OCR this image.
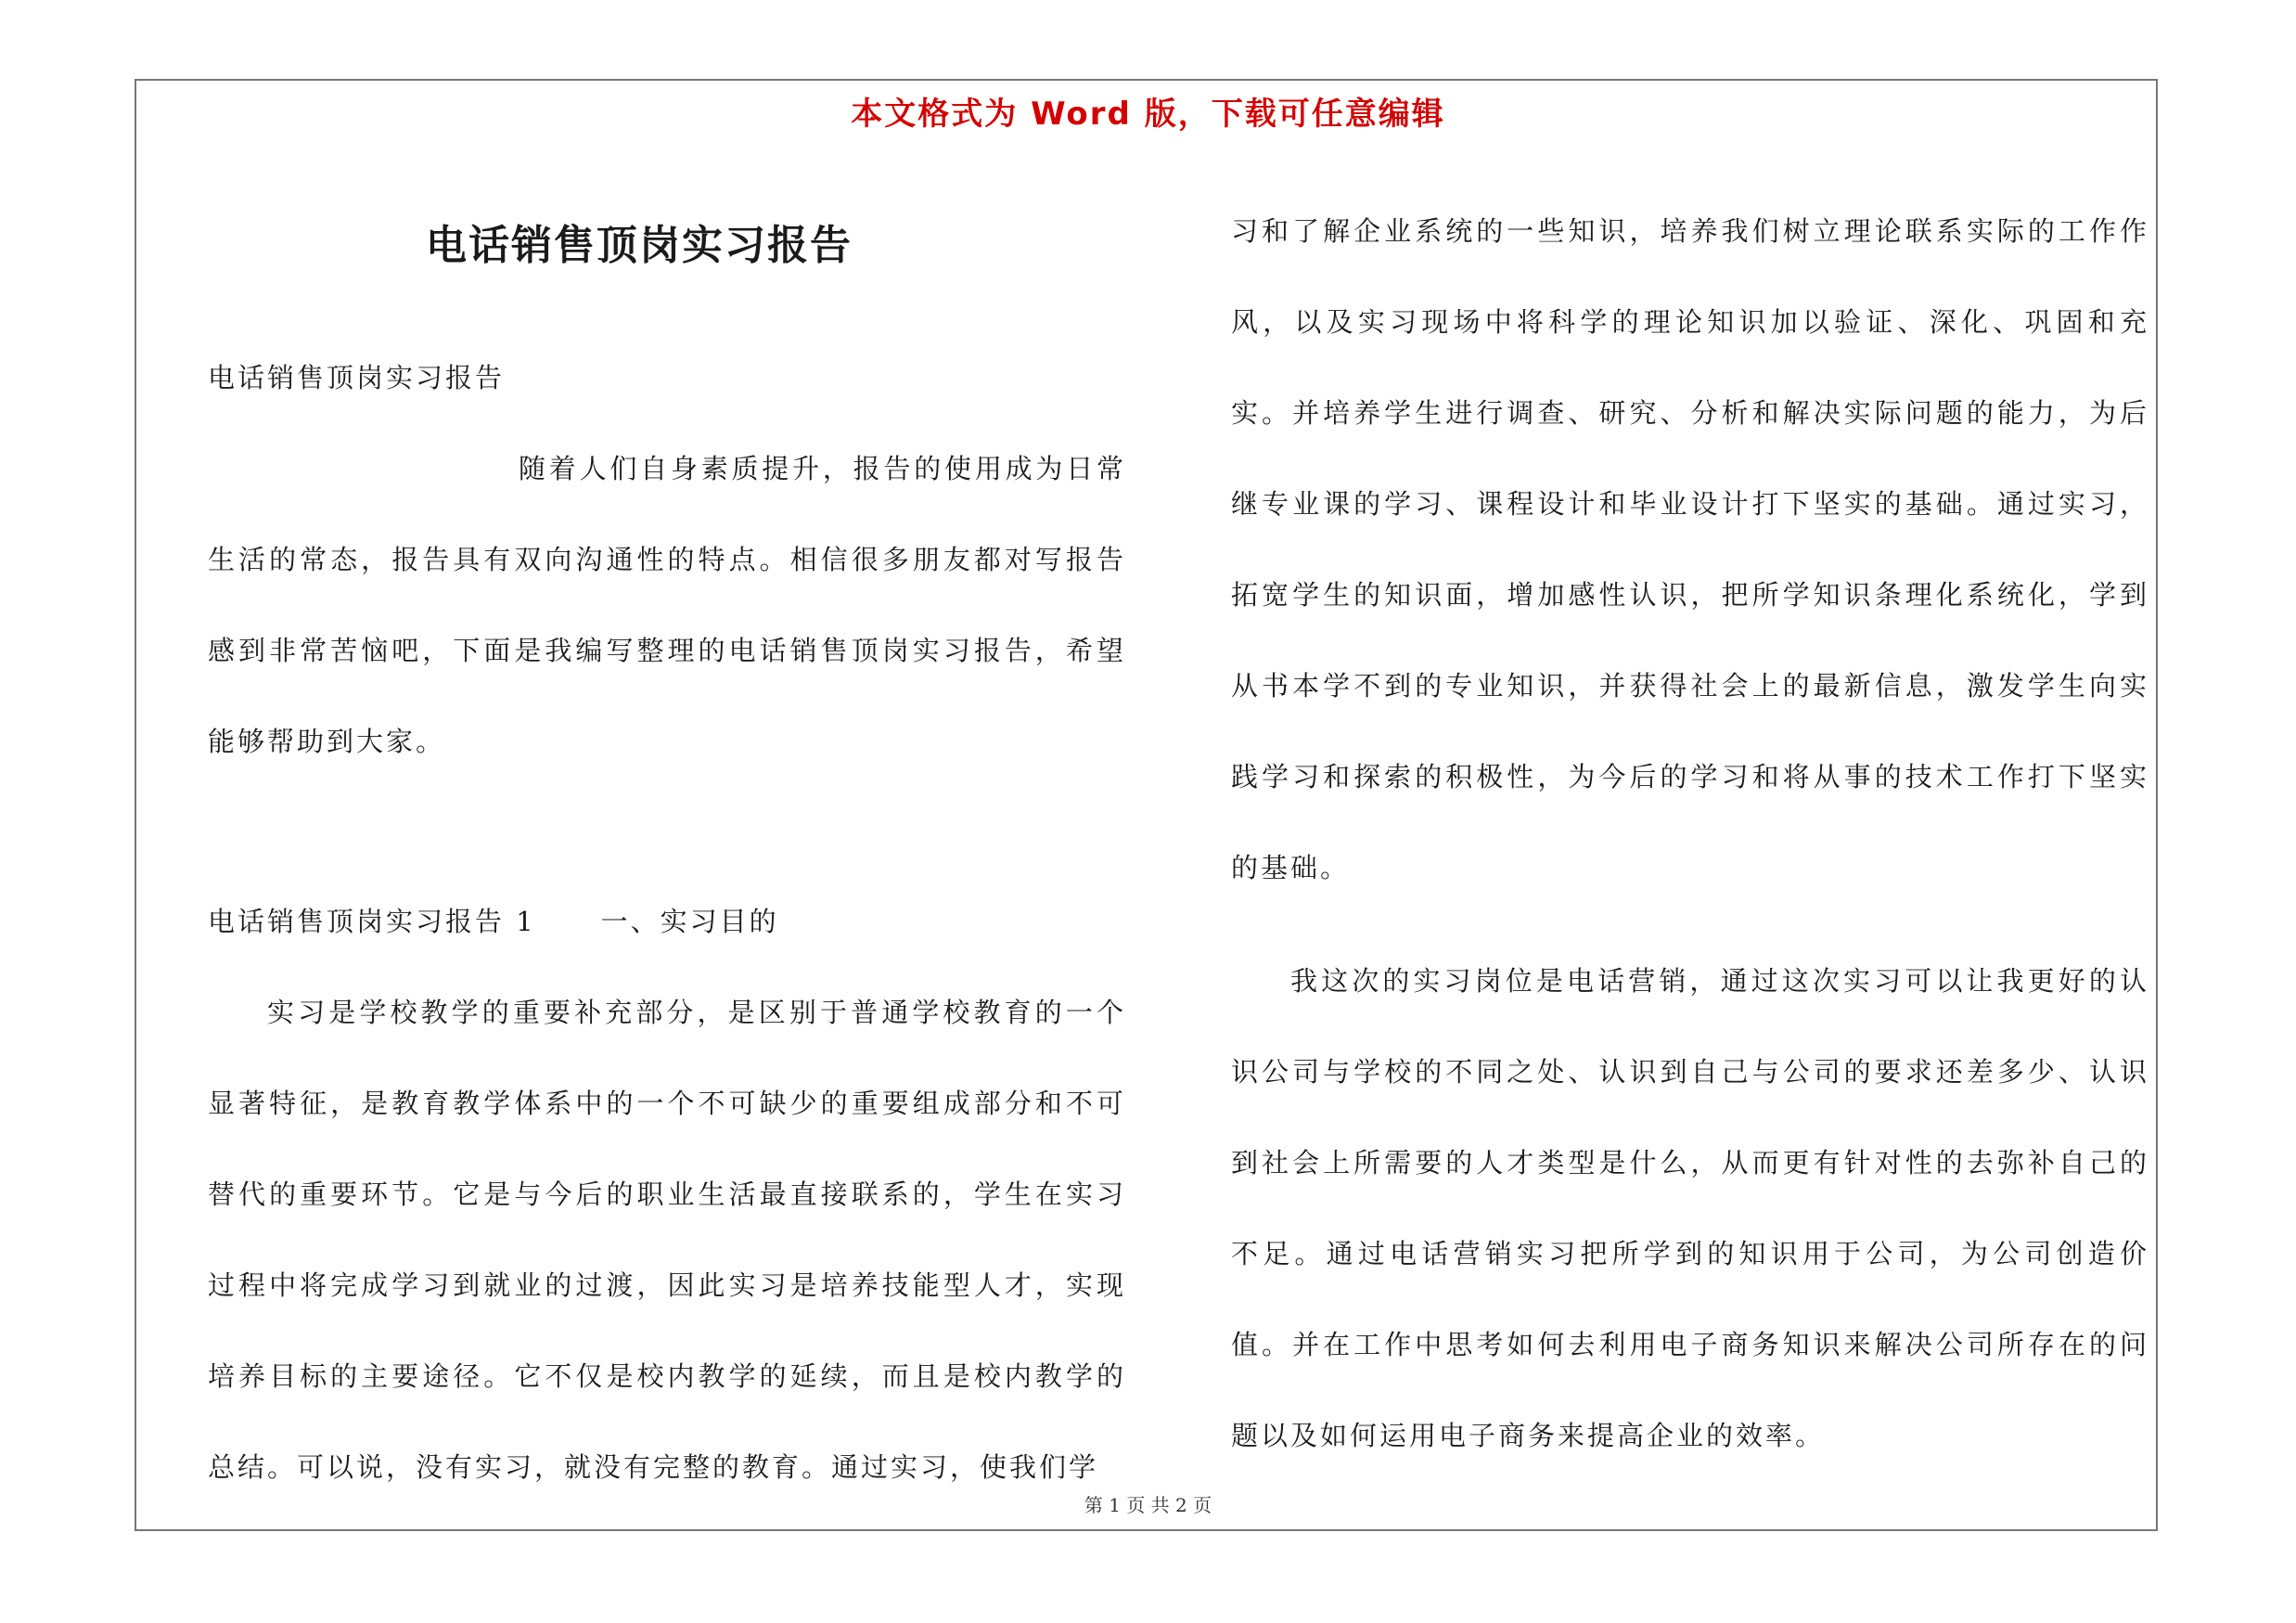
本文格式为 Word 版，下载可任意编辑
电话销售顶岗实习报告
电话销售顶岗实习报告

随着人们自身素质提升，报告的使用成为日常生活的常态，报告具有双向沟通性的特点。相信很多朋友都对写报告感到非常苦恼吧，下面是我编写整理的电话销售顶岗实习报告，希望能够帮助到大家。

电话销售顶岗实习报告 1 一、实习目的

实习是学校教学的重要补充部分，是区别于普通学校教育的一个显著特征，是教育教学体系中的一个不可缺少的重要组成部分和不可替代的重要环节。它是与今后的职业生活最直接联系的，学生在实习过程中将完成学习到就业的过渡，因此实习是培养技能型人才，实现培养目标的主要途径。它不仅是校内教学的延续，而且是校内教学的总结。可以说，没有实习，就没有完整的教育。通过实习，使我们学

习和了解企业系统的一些知识，培养我们树立理论联系实际的工作作风，以及实习现场中将科学的理论知识加以验证、深化、巩固和充实。并培养学生进行调查、研究、分析和解决实际问题的能力，为后继专业课的学习、课程设计和毕业设计打下坚实的基础。通过实习，拓宽学生的知识面，增加感性认识，把所学知识条理化系统化，学到从书本学不到的专业知识，并获得社会上的最新信息，激发学生向实践学习和探索的积极性，为今后的学习和将从事的技术工作打下坚实的基础。

我这次的实习岗位是电话营销，通过这次实习可以让我更好的认识公司与学校的不同之处、认识到自己与公司的要求还差多少、认识到社会上所需要的人才类型是什么，从而更有针对性的去弥补自己的不足。通过电话营销实习把所学到的知识用于公司，为公司创造价值。并在工作中思考如何去利用电子商务知识来解决公司所存在的问题以及如何运用电子商务来提高企业的效率。

第 1 页 共 2 页
